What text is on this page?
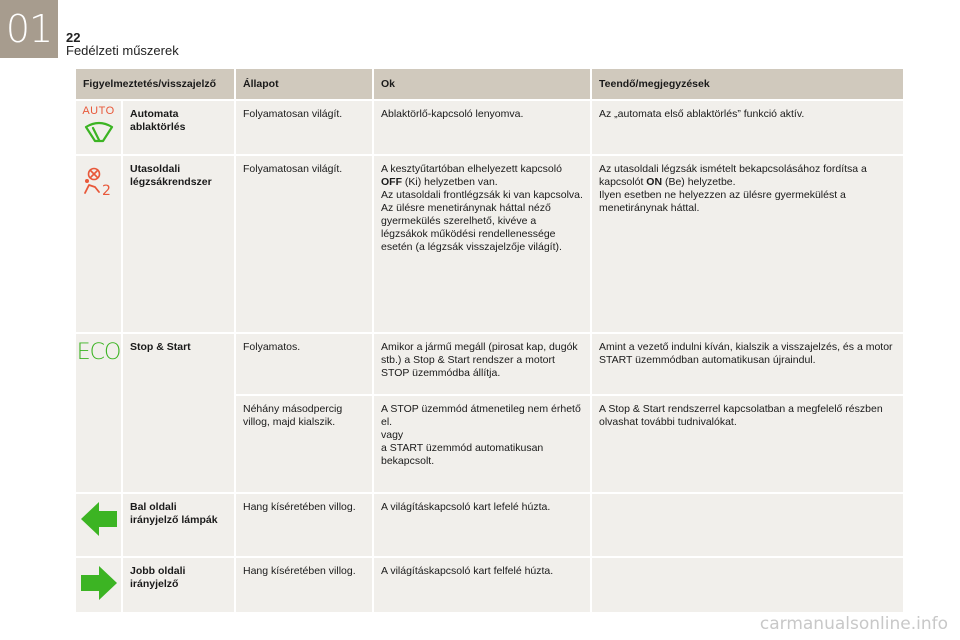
01	22
Fedélzeti műszerek
Figyelmeztetés/visszajelző		Állapot	Ok	Teendő/megjegyzések

AUTO	Automata ablaktörlés	Folyamatosan világít.	Ablaktörlő-kapcsoló lenyomva.	Az „automata első ablaktörlés” funkció aktív.

2	Utasoldali légzsákrendszer	Folyamatosan világít.	A kesztyűtartóban elhelyezett kapcsoló OFF (Ki) helyzetben van.
Az utasoldali frontlégzsák ki van kapcsolva.
Az ülésre menetiránynak háttal néző gyermekülés szerelhető, kivéve a légzsákok működési rendellenessége esetén (a légzsák visszajelzője világít).	Az utasoldali légzsák ismételt bekapcsolásához fordítsa a kapcsolót ON (Be) helyzetbe.
Ilyen esetben ne helyezzen az ülésre gyermekülést a menetiránynak háttal.

ECO	Stop & Start	Folyamatos.	Amikor a jármű megáll (pirosat kap, dugók stb.) a Stop & Start rendszer a motort STOP üzemmódba állítja.	Amint a vezető indulni kíván, kialszik a visszajelzés, és a motor START üzemmódban automatikusan újraindul.
		Néhány másodpercig villog, majd kialszik.	A STOP üzemmód átmenetileg nem érhető el.
vagy
a START üzemmód automatikusan bekapcsolt.	A Stop & Start rendszerrel kapcsolatban a megfelelő részben olvashat további tudnivalókat.
	Bal oldali irányjelző lámpák	Hang kíséretében villog.	A világításkapcsoló kart lefelé húzta.	
	Jobb oldali irányjelző	Hang kíséretében villog.	A világításkapcsoló kart felfelé húzta.	
carmanualsonline.info
